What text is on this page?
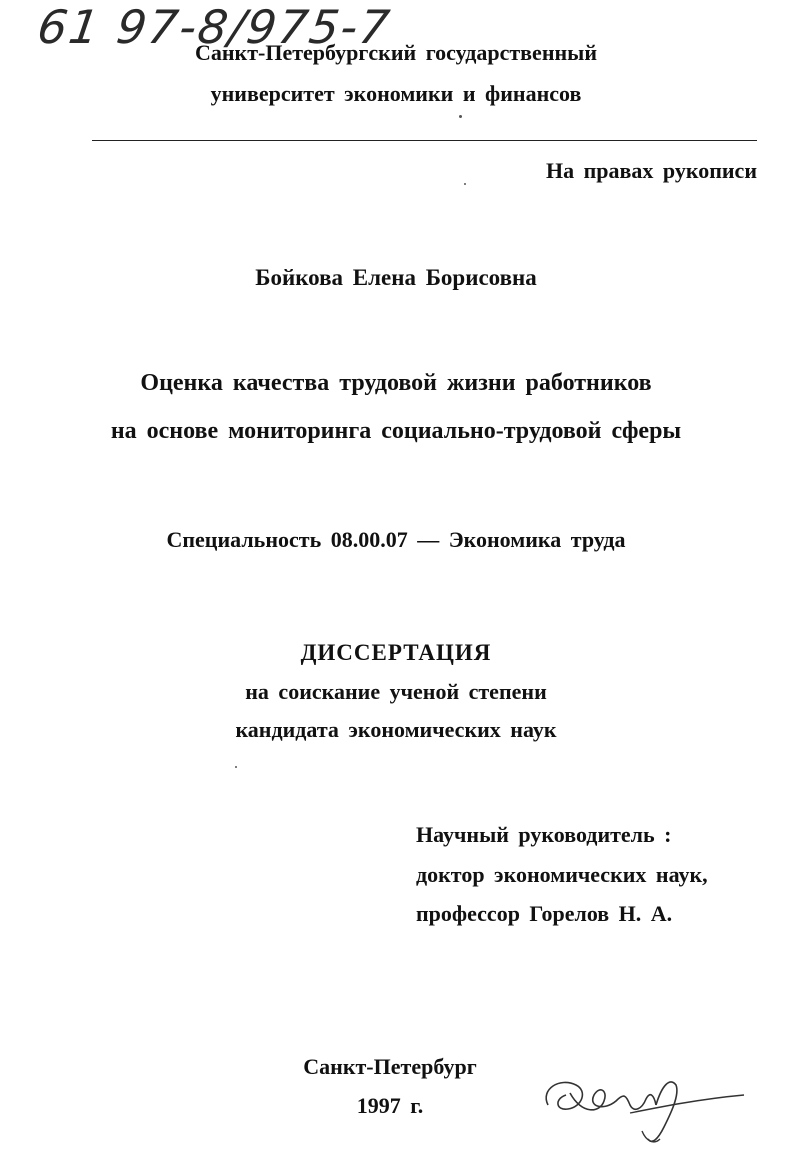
61 97-8/975-7
Санкт-Петербургский государственный
университет экономики и финансов
На правах рукописи
Бойкова Елена Борисовна
Оценка качества трудовой жизни работников
на основе мониторинга социально-трудовой сферы
Специальность 08.00.07 — Экономика труда
ДИССЕРТАЦИЯ
на соискание ученой степени
кандидата экономических наук
Научный руководитель :
доктор экономических наук,
профессор Горелов Н. А.
Санкт-Петербург
1997 г.
